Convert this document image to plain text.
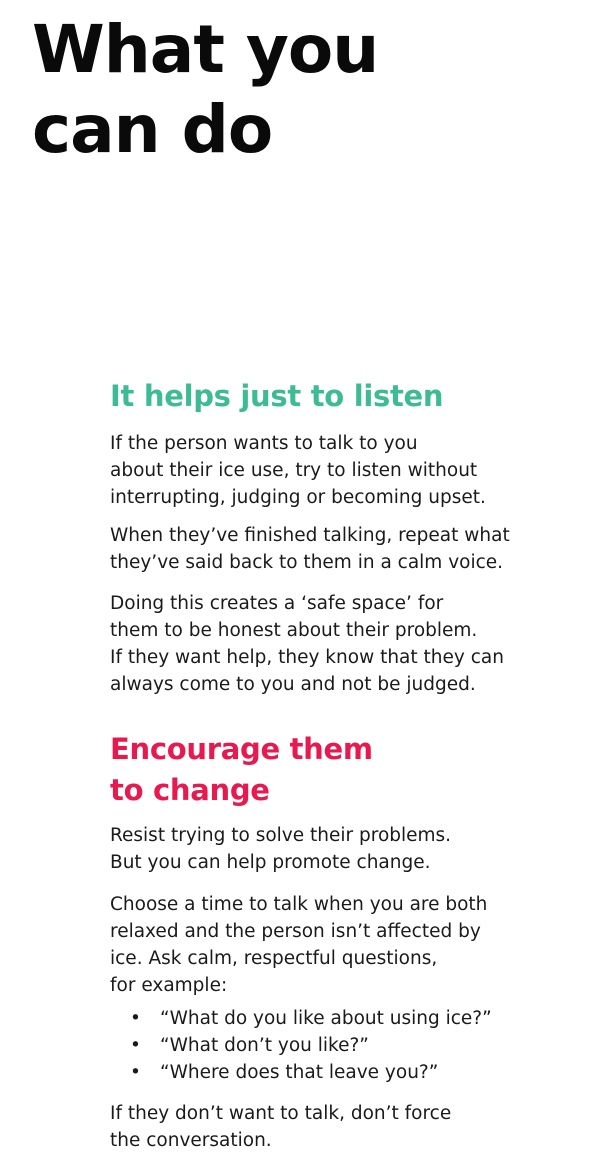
What you
can do
It helps just to listen

If the person wants to talk to you
about their ice use, try to listen without
interrupting, judging or becoming upset.

When they’ve finished talking, repeat what
they’ve said back to them in a calm voice.

Doing this creates a ‘safe space’ for
them to be honest about their problem.
If they want help, they know that they can
always come to you and not be judged.

Encourage them
to change

Resist trying to solve their problems.
But you can help promote change.

Choose a time to talk when you are both
relaxed and the person isn’t affected by
ice. Ask calm, respectful questions,
for example:

• “What do you like about using ice?”
• “What don’t you like?”
• “Where does that leave you?”

If they don’t want to talk, don’t force
the conversation.
